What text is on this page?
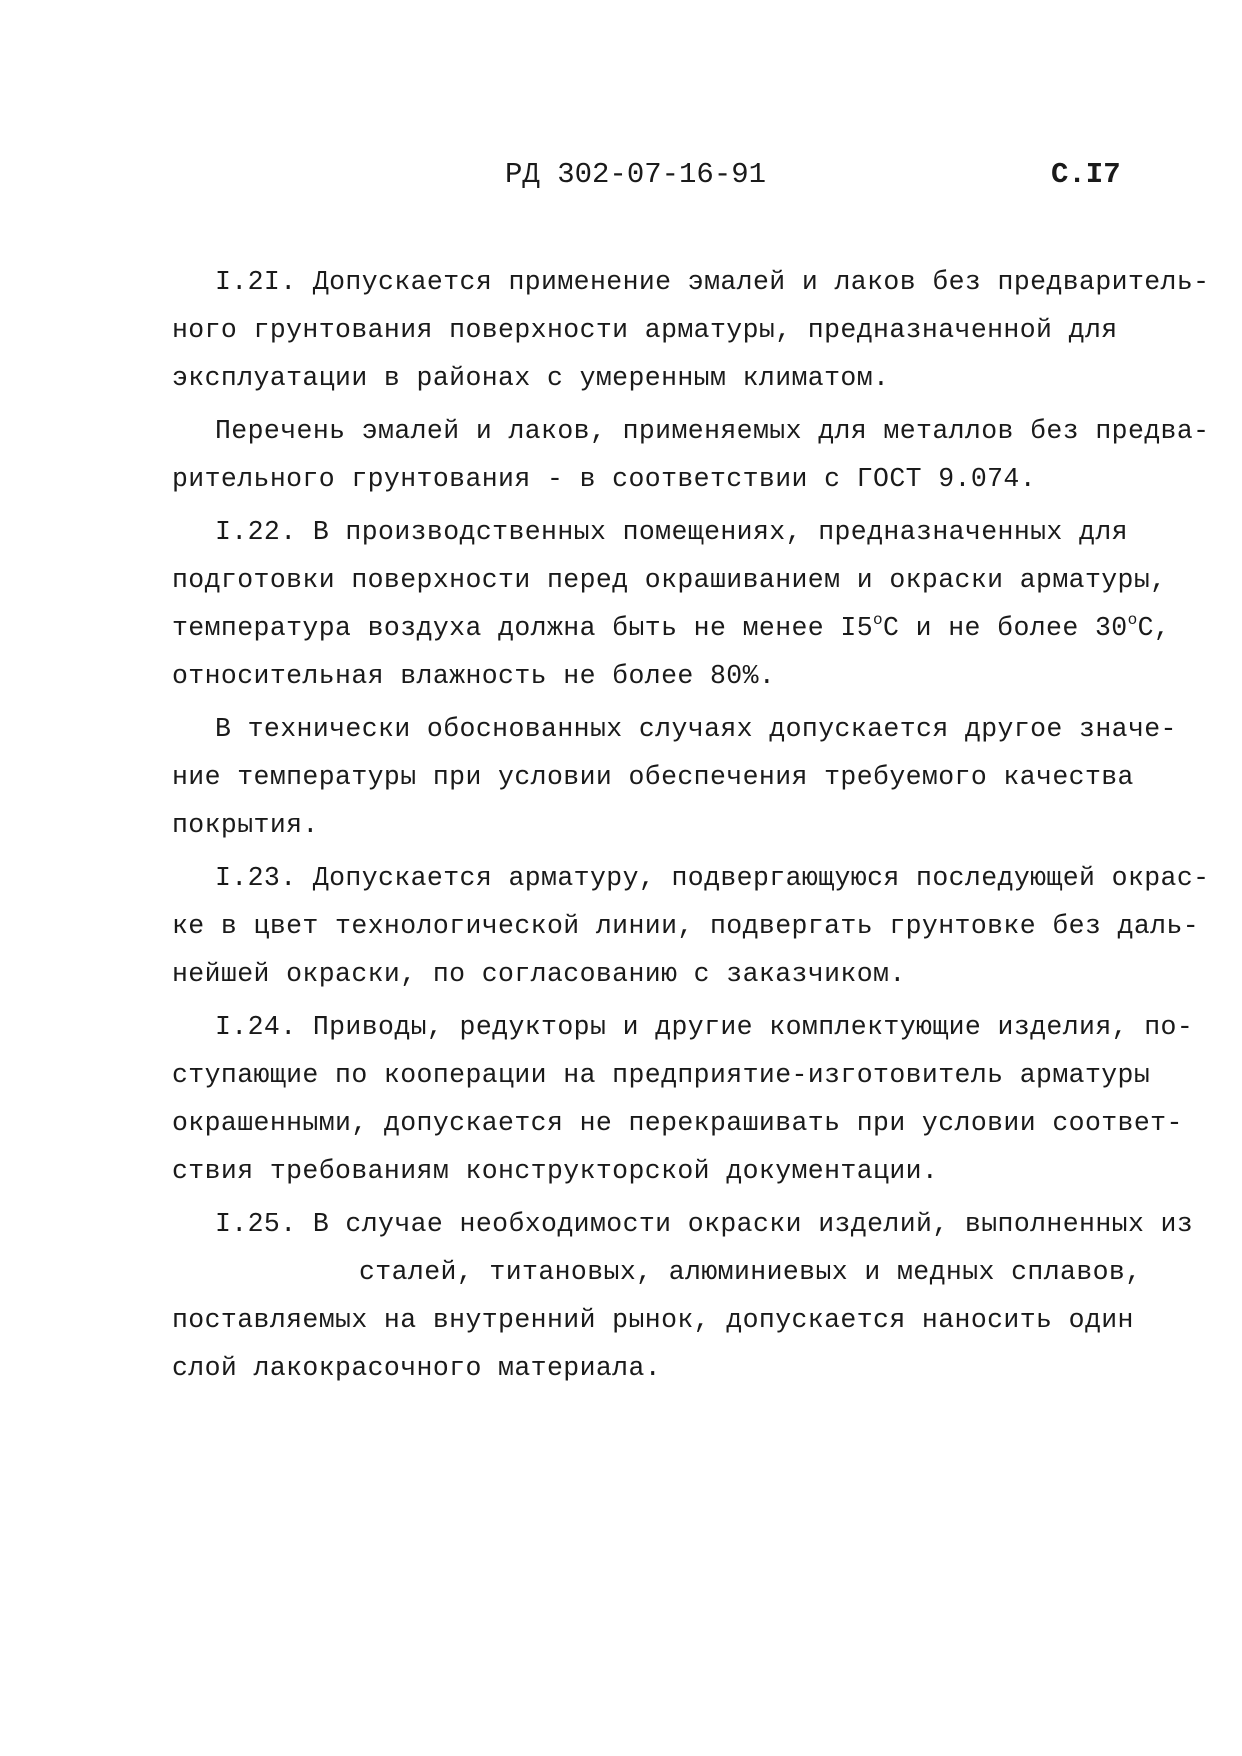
РД 302-07-16-91	С.I7
I.2I. Допускается применение эмалей и лаков без предваритель-
ного грунтования поверхности арматуры, предназначенной для
эксплуатации в районах с умеренным климатом.
Перечень эмалей и лаков, применяемых для металлов без предва-
рительного грунтования - в соответствии с ГОСТ 9.074.
I.22. В производственных помещениях, предназначенных для
подготовки поверхности перед окрашиванием и окраски арматуры,
температура воздуха должна быть не менее $I5^оС$ и не более $30^оС$,
относительная влажность не более 80%.
В технически обоснованных случаях допускается другое значе-
ние температуры при условии обеспечения требуемого качества
покрытия.
I.23. Допускается арматуру, подвергающуюся последующей окрас-
ке в цвет технологической линии, подвергать грунтовке без даль-
нейшей окраски, по согласованию с заказчиком.
I.24. Приводы, редукторы и другие комплектующие изделия, по-
ступающие по кооперации на предприятие-изготовитель арматуры
окрашенными, допускается не перекрашивать при условии соответ-
ствия требованиям конструкторской документации.
I.25. В случае необходимости окраски изделий, выполненных из
сталей, титановых, алюминиевых и медных сплавов,
поставляемых на внутренний рынок, допускается наносить один
слой лакокрасочного материала.
